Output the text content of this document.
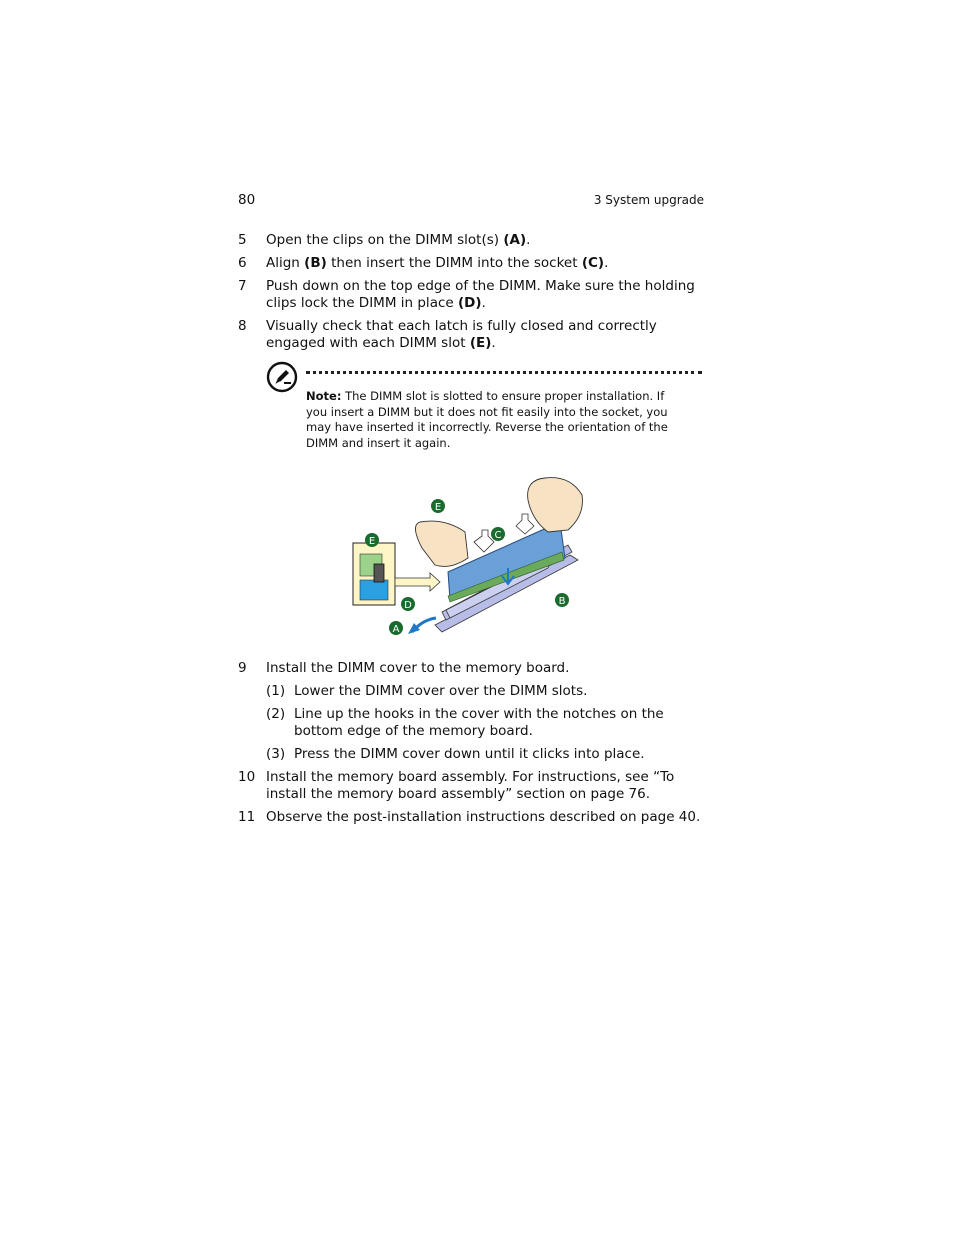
80	3 System upgrade
5 Open the clips on the DIMM slot(s) (A).
6 Align (B) then insert the DIMM into the socket (C).
7 Push down on the top edge of the DIMM. Make sure the holding clips lock the DIMM in place (D).
8 Visually check that each latch is fully closed and correctly engaged with each DIMM slot (E).
Note: The DIMM slot is slotted to ensure proper installation. If you insert a DIMM but it does not fit easily into the socket, you may have inserted it incorrectly. Reverse the orientation of the DIMM and insert it again.
E
E
C
B
D
A
9 Install the DIMM cover to the memory board.
(1) Lower the DIMM cover over the DIMM slots.
(2) Line up the hooks in the cover with the notches on the bottom edge of the memory board.
(3) Press the DIMM cover down until it clicks into place.
10 Install the memory board assembly. For instructions, see “To install the memory board assembly” section on page 76.
11 Observe the post-installation instructions described on page 40.
